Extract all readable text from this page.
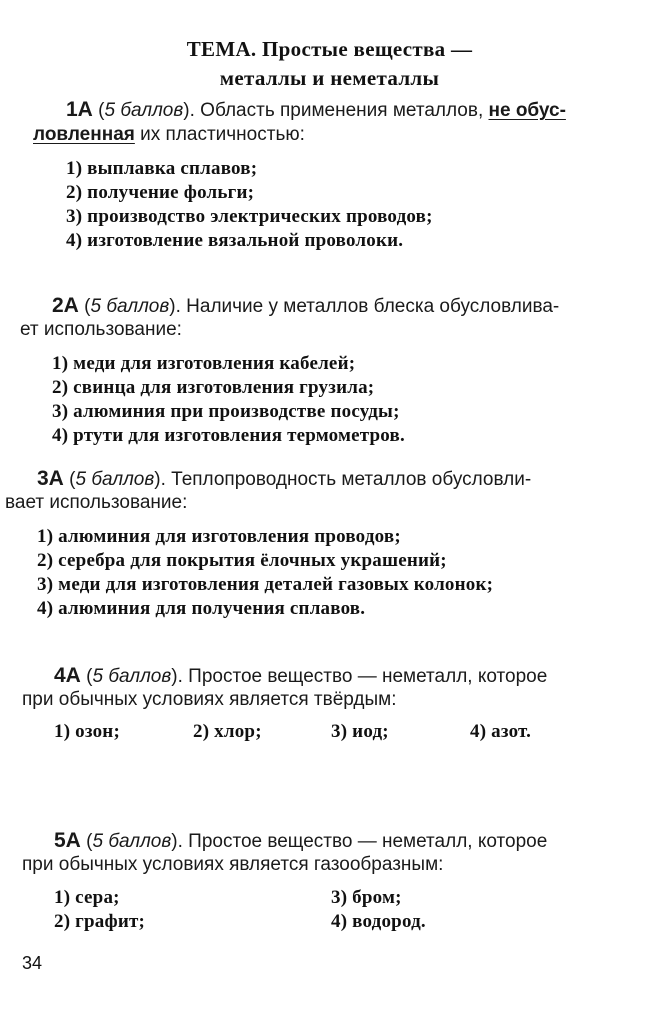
ТЕМА. Простые вещества —
металлы и неметаллы
1А (5 баллов). Область применения металлов, не обус-
ловленная их пластичностью:
1) выплавка сплавов;
2) получение фольги;
3) производство электрических проводов;
4) изготовление вязальной проволоки.
2А (5 баллов). Наличие у металлов блеска обусловлива-
ет использование:
1) меди для изготовления кабелей;
2) свинца для изготовления грузила;
3) алюминия при производстве посуды;
4) ртути для изготовления термометров.
3А (5 баллов). Теплопроводность металлов обусловли-
вает использование:
1) алюминия для изготовления проводов;
2) серебра для покрытия ёлочных украшений;
3) меди для изготовления деталей газовых колонок;
4) алюминия для получения сплавов.
4А (5 баллов). Простое вещество — неметалл, которое
при обычных условиях является твёрдым:
1) озон;	2) хлор;	3) иод;	4) азот.
5А (5 баллов). Простое вещество — неметалл, которое
при обычных условиях является газообразным:
1) сера;	3) бром;
2) графит;	4) водород.
34
